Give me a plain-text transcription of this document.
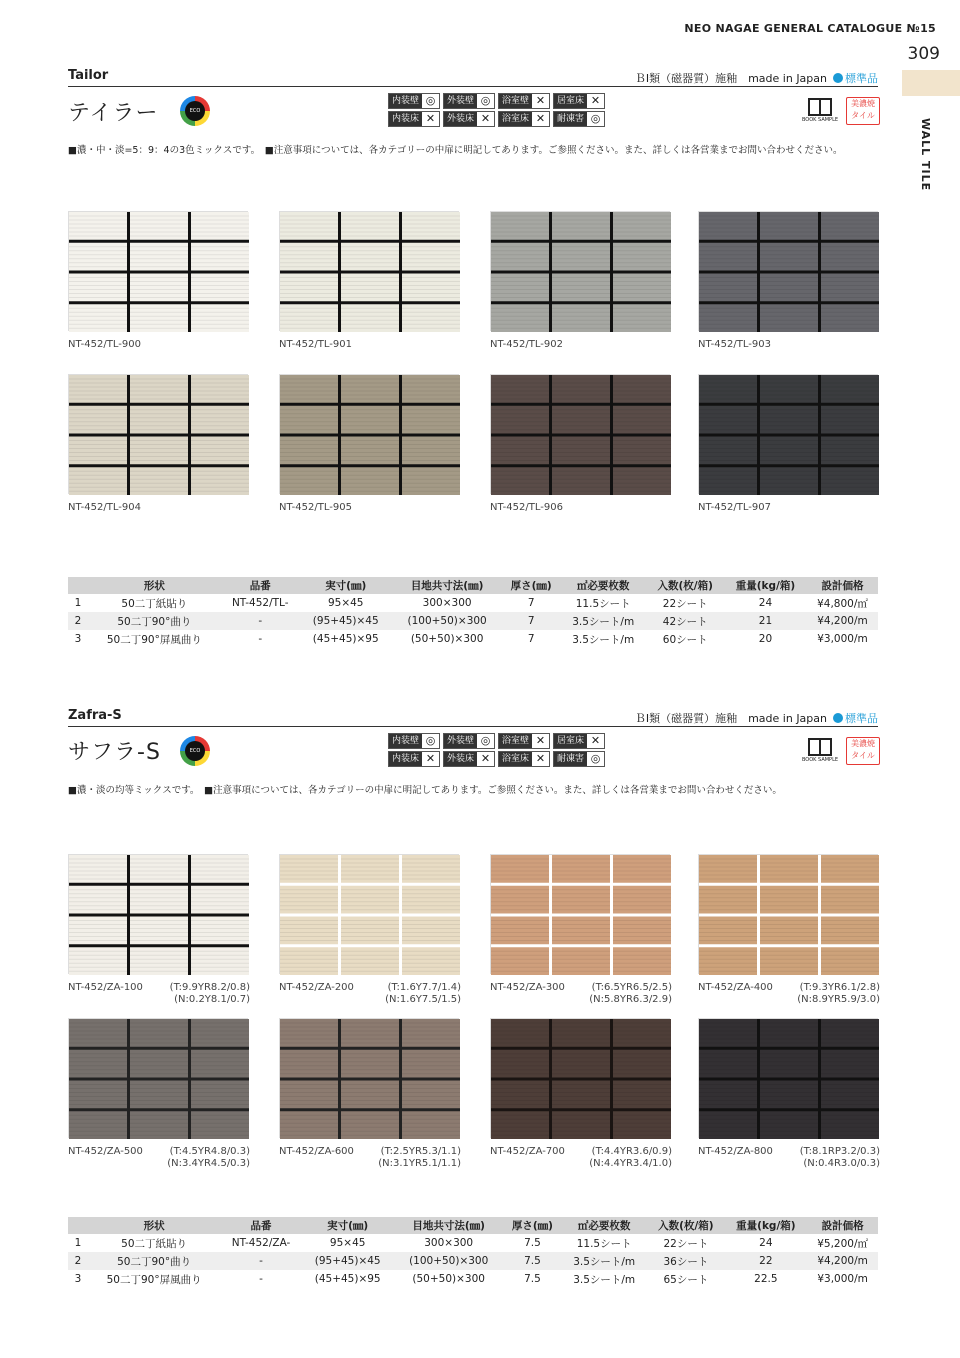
NEO NAGAE GENERAL CATALOGUE №15
309
WALL TILE
Tailor	ＢⅠ類（磁器質）施釉　made in Japan 標準品
テイラー	ECO friendly
内装壁 ◎	外装壁 ◎	浴室壁 ✕	居室床 ✕
内装床 ✕	外装床 ✕	浴室床 ✕	耐凍害 ◎	BOOK SAMPLE
美濃焼
タイル
■濃・中・淡=5：9：4の3色ミックスです。　■注意事項については、各カテゴリーの中扉に明記してあります。ご参照ください。また、詳しくは各営業までお問い合わせください。
NT-452/TL-900	NT-452/TL-901	NT-452/TL-902	NT-452/TL-903
NT-452/TL-904	NT-452/TL-905	NT-452/TL-906	NT-452/TL-907
	形状	品番	実寸(㎜)	目地共寸法(㎜)	厚さ(㎜)	㎡必要枚数	入数(枚/箱)	重量(kg/箱)	設計価格
1	50二丁紙貼り	NT-452/TL-	95×45	300×300	7	11.5シート	22シート	24	¥4,800/㎡
2	50二丁90°曲り	-	(95+45)×45	(100+50)×300	7	3.5シート/m	42シート	21	¥4,200/m
3	50二丁90°屏風曲り	-	(45+45)×95	(50+50)×300	7	3.5シート/m	60シート	20	¥3,000/m
Zafra-S	ＢⅠ類（磁器質）施釉　made in Japan 標準品
サフラ-S	ECO friendly
内装壁 ◎	外装壁 ◎	浴室壁 ✕	居室床 ✕
内装床 ✕	外装床 ✕	浴室床 ✕	耐凍害 ◎	BOOK SAMPLE
美濃焼
タイル
■濃・淡の均等ミックスです。　■注意事項については、各カテゴリーの中扉に明記してあります。ご参照ください。また、詳しくは各営業までお問い合わせください。
NT-452/ZA-100	(T:9.9YR8.2/0.8)
(N:0.2Y8.1/0.7)
NT-452/ZA-200	(T:1.6Y7.7/1.4)
(N:1.6Y7.5/1.5)
NT-452/ZA-300	(T:6.5YR6.5/2.5)
(N:5.8YR6.3/2.9)
NT-452/ZA-400	(T:9.3YR6.1/2.8)
(N:8.9YR5.9/3.0)
NT-452/ZA-500	(T:4.5YR4.8/0.3)
(N:3.4YR4.5/0.3)
NT-452/ZA-600	(T:2.5YR5.3/1.1)
(N:3.1YR5.1/1.1)
NT-452/ZA-700	(T:4.4YR3.6/0.9)
(N:4.4YR3.4/1.0)
NT-452/ZA-800	(T:8.1RP3.2/0.3)
(N:0.4R3.0/0.3)
	形状	品番	実寸(㎜)	目地共寸法(㎜)	厚さ(㎜)	㎡必要枚数	入数(枚/箱)	重量(kg/箱)	設計価格
1	50二丁紙貼り	NT-452/ZA-	95×45	300×300	7.5	11.5シート	22シート	24	¥5,200/㎡
2	50二丁90°曲り	-	(95+45)×45	(100+50)×300	7.5	3.5シート/m	36シート	22	¥4,200/m
3	50二丁90°屏風曲り	-	(45+45)×95	(50+50)×300	7.5	3.5シート/m	65シート	22.5	¥3,000/m
